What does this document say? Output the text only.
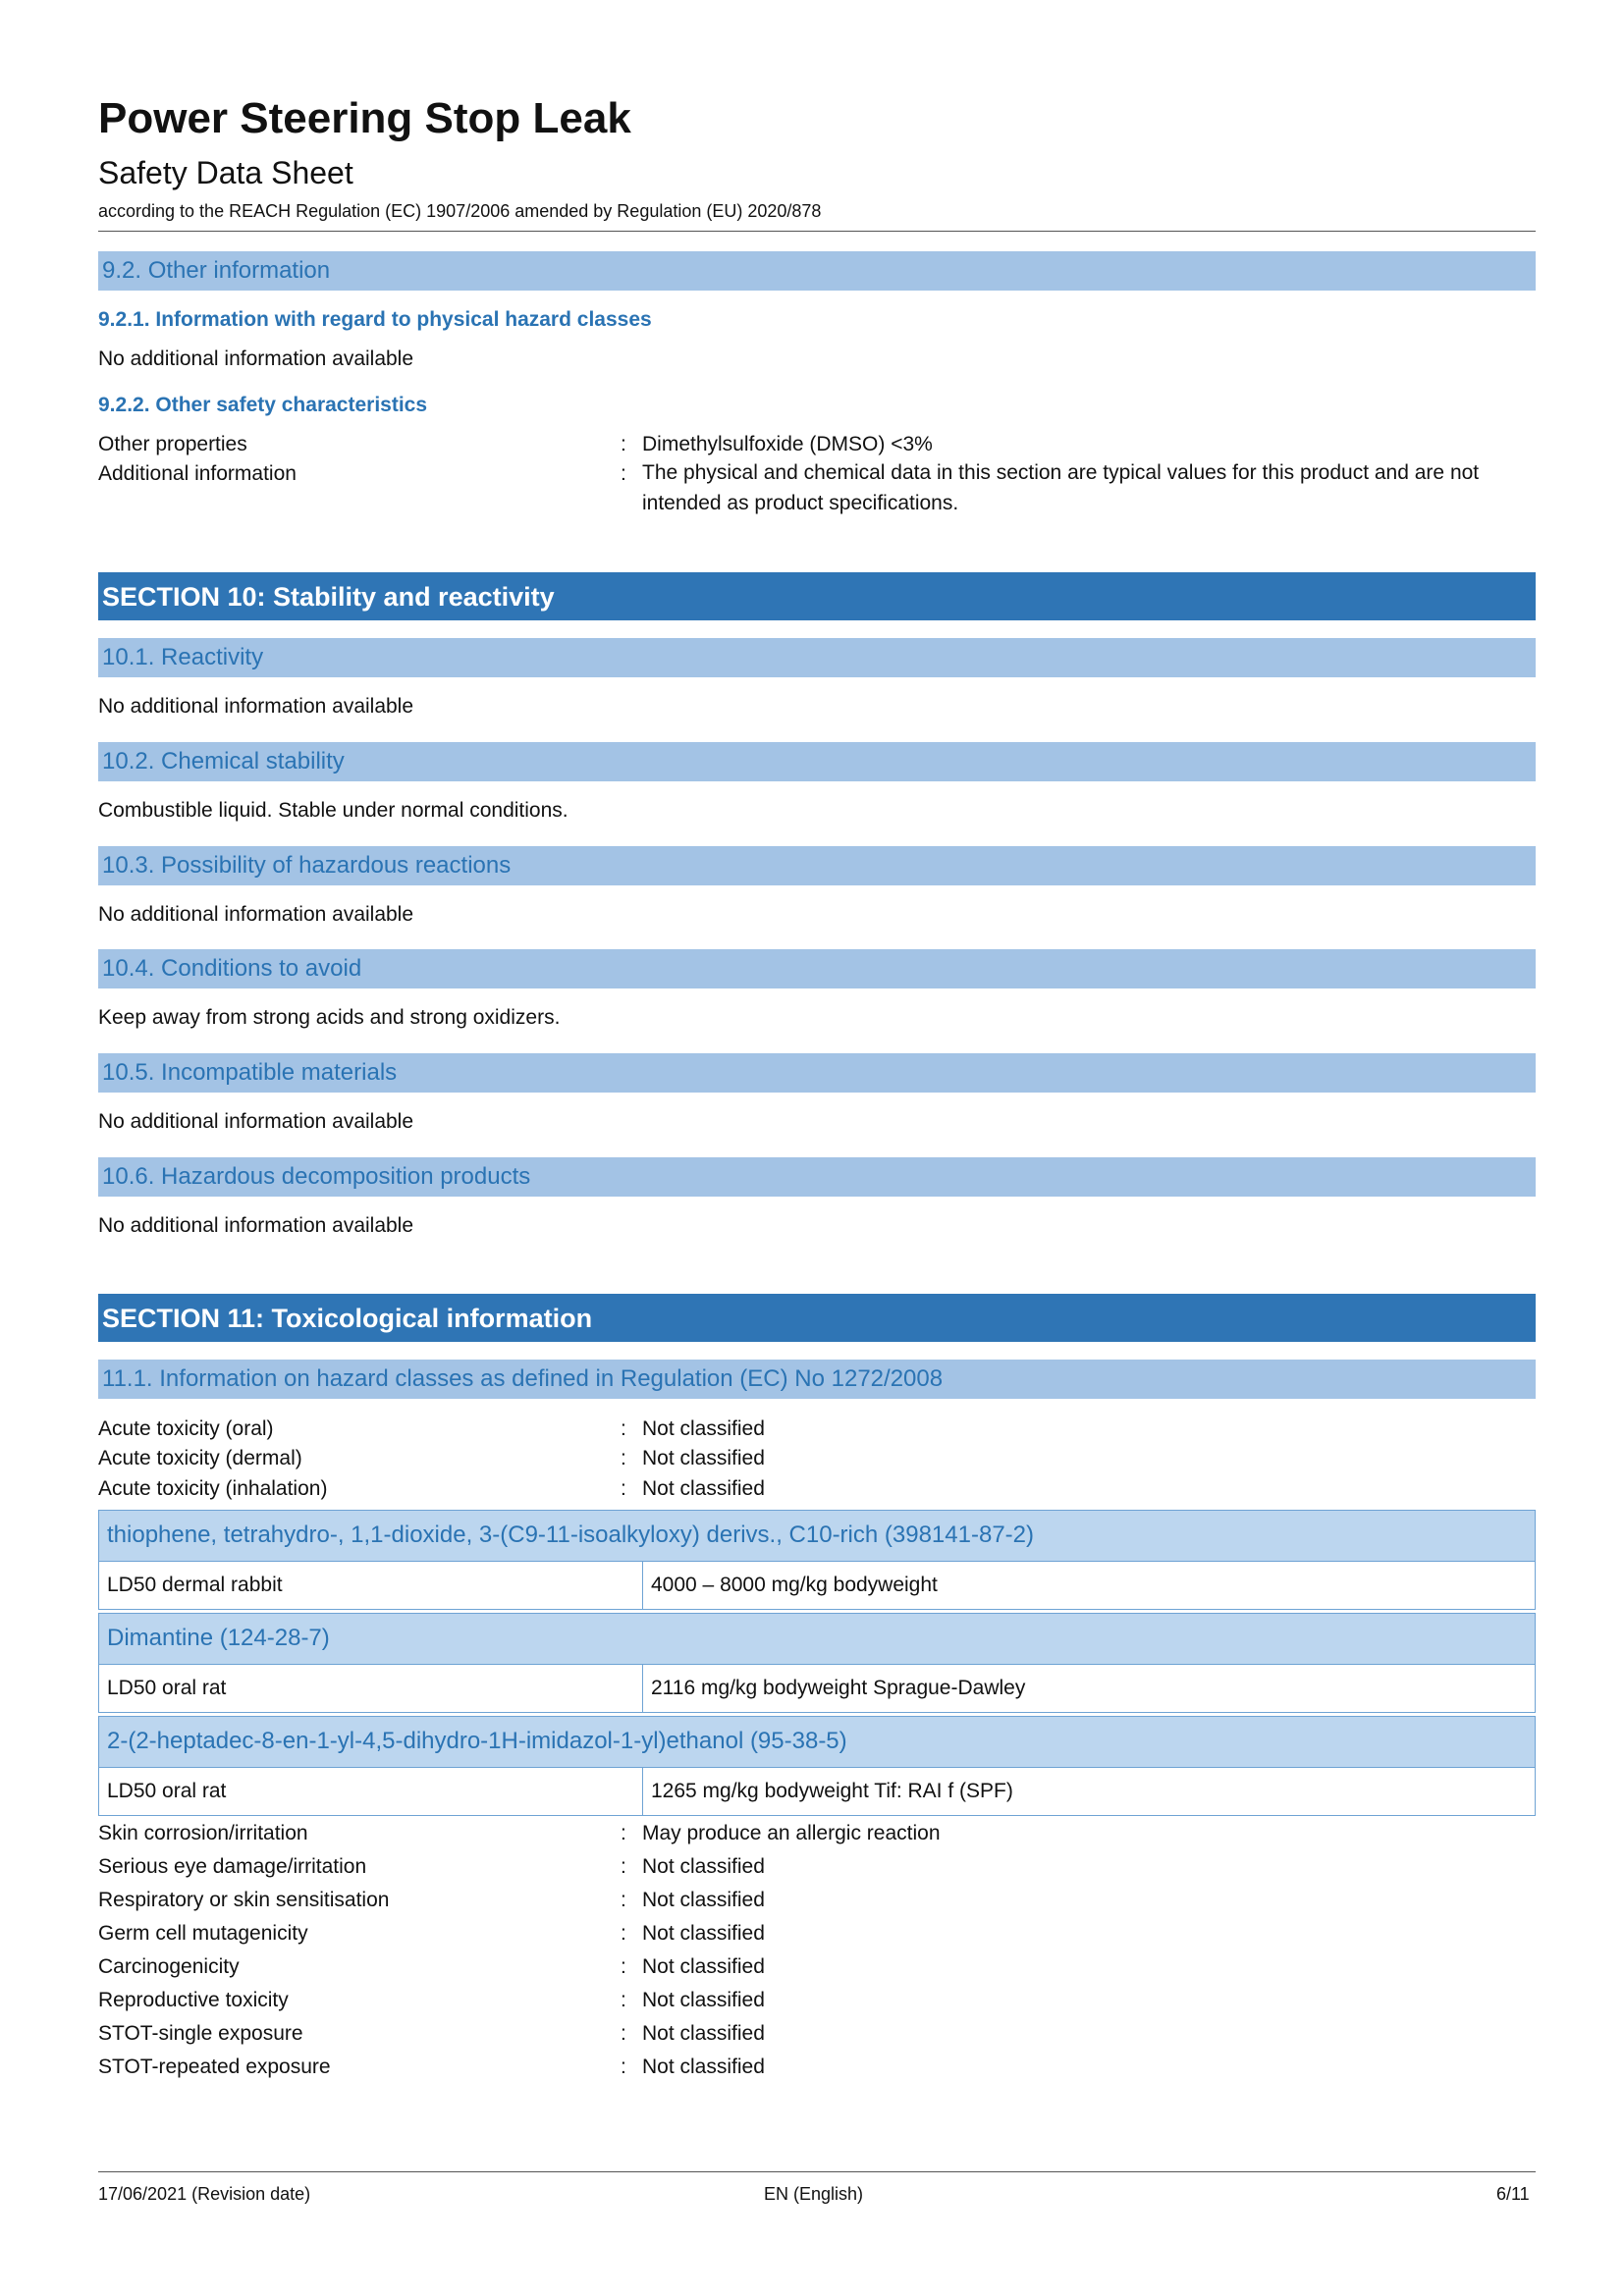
Power Steering Stop Leak
Safety Data Sheet
according to the REACH Regulation (EC) 1907/2006 amended by Regulation (EU) 2020/878
9.2. Other information
9.2.1. Information with regard to physical hazard classes
No additional information available
9.2.2. Other safety characteristics
Other properties	: Dimethylsulfoxide (DMSO) <3%
Additional information	: The physical and chemical data in this section are typical values for this product and are not intended as product specifications.
SECTION 10: Stability and reactivity
10.1. Reactivity
No additional information available
10.2. Chemical stability
Combustible liquid. Stable under normal conditions.
10.3. Possibility of hazardous reactions
No additional information available
10.4. Conditions to avoid
Keep away from strong acids and strong oxidizers.
10.5. Incompatible materials
No additional information available
10.6. Hazardous decomposition products
No additional information available
SECTION 11: Toxicological information
11.1. Information on hazard classes as defined in Regulation (EC) No 1272/2008
Acute toxicity (oral)	: Not classified
Acute toxicity (dermal)	: Not classified
Acute toxicity (inhalation)	: Not classified
thiophene, tetrahydro-, 1,1-dioxide, 3-(C9-11-isoalkyloxy) derivs., C10-rich (398141-87-2)
LD50 dermal rabbit	4000 – 8000 mg/kg bodyweight
Dimantine (124-28-7)
LD50 oral rat	2116 mg/kg bodyweight Sprague-Dawley
2-(2-heptadec-8-en-1-yl-4,5-dihydro-1H-imidazol-1-yl)ethanol (95-38-5)
LD50 oral rat	1265 mg/kg bodyweight Tif: RAI f (SPF)
Skin corrosion/irritation	: May produce an allergic reaction
Serious eye damage/irritation	: Not classified
Respiratory or skin sensitisation	: Not classified
Germ cell mutagenicity	: Not classified
Carcinogenicity	: Not classified
Reproductive toxicity	: Not classified
STOT-single exposure	: Not classified
STOT-repeated exposure	: Not classified
17/06/2021 (Revision date)	EN (English)	6/11
